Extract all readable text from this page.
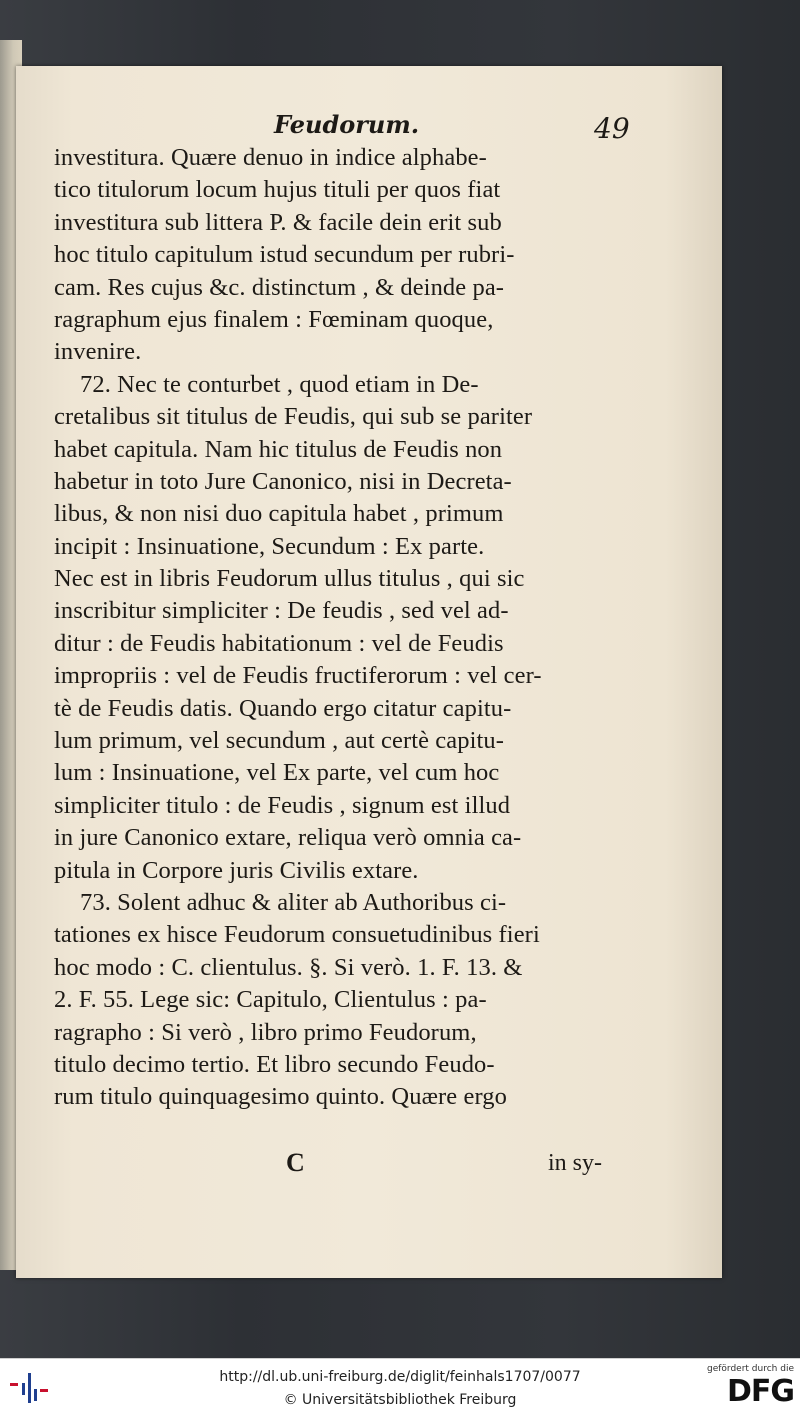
Feudorum.	49
investitura. Quære denuo in indice alphabe-
tico titulorum locum hujus tituli per quos fiat
investitura sub littera P. & facile dein erit sub
hoc titulo capitulum istud secundum per rubri-
cam. Res cujus &c. distinctum , & deinde pa-
ragraphum ejus finalem : Fœminam quoque,
invenire.
72. Nec te conturbet , quod etiam in De-
cretalibus sit titulus de Feudis, qui sub se pariter
habet capitula. Nam hic titulus de Feudis non
habetur in toto Jure Canonico, nisi in Decreta-
libus, & non nisi duo capitula habet , primum
incipit : Insinuatione, Secundum : Ex parte.
Nec est in libris Feudorum ullus titulus , qui sic
inscribitur simpliciter : De feudis , sed vel ad-
ditur : de Feudis habitationum : vel de Feudis
impropriis : vel de Feudis fructiferorum : vel cer-
tè de Feudis datis. Quando ergo citatur capitu-
lum primum, vel secundum , aut certè capitu-
lum : Insinuatione, vel Ex parte, vel cum hoc
simpliciter titulo : de Feudis , signum est illud
in jure Canonico extare, reliqua verò omnia ca-
pitula in Corpore juris Civilis extare.
73. Solent adhuc & aliter ab Authoribus ci-
tationes ex hisce Feudorum consuetudinibus fieri
hoc modo : C. clientulus. §. Si verò. 1. F. 13. &
2. F. 55. Lege sic: Capitulo, Clientulus : pa-
ragrapho : Si verò , libro primo Feudorum,
titulo decimo tertio. Et libro secundo Feudo-
rum titulo quinquagesimo quinto. Quære ergo
C	in sy-
http://dl.ub.uni-freiburg.de/diglit/feinhals1707/0077
© Universitätsbibliothek Freiburg
gefördert durch die
DFG
